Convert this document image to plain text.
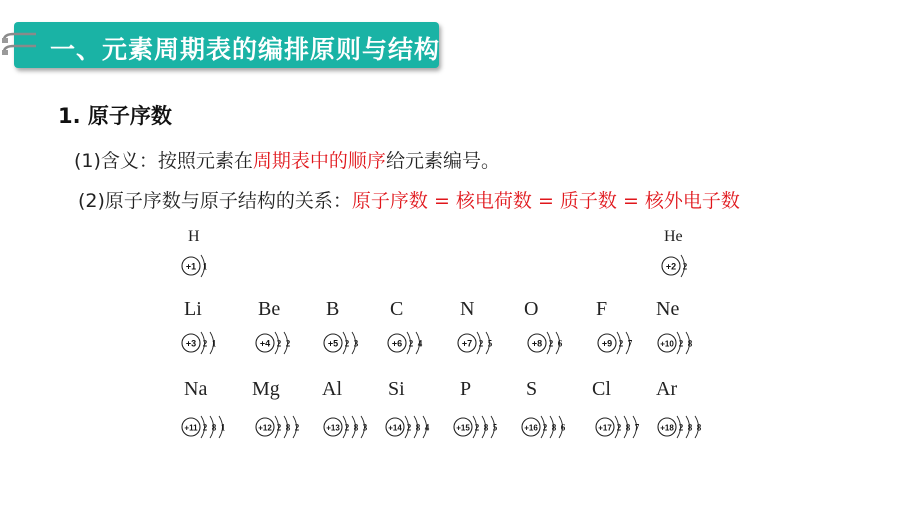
一、元素周期表的编排原则与结构
1. 原子序数
(1)含义：按照元素在周期表中的顺序给元素编号。
(2)原子序数与原子结构的关系：原子序数 = 核电荷数 = 质子数 = 核外电子数
H
+1 1
He
+2 2
Li
+3 2 1
Be
+4 2 2
B
+5 2 3
C
+6 2 4
N
+7 2 5
O
+8 2 6
F
+9 2 7
Ne
+10 2 8
Na
+11 2 8 1
Mg
+12 2 8 2
Al
+13 2 8 3
Si
+14 2 8 4
P
+15 2 8 5
S
+16 2 8 6
Cl
+17 2 8 7
Ar
+18 2 8 8
